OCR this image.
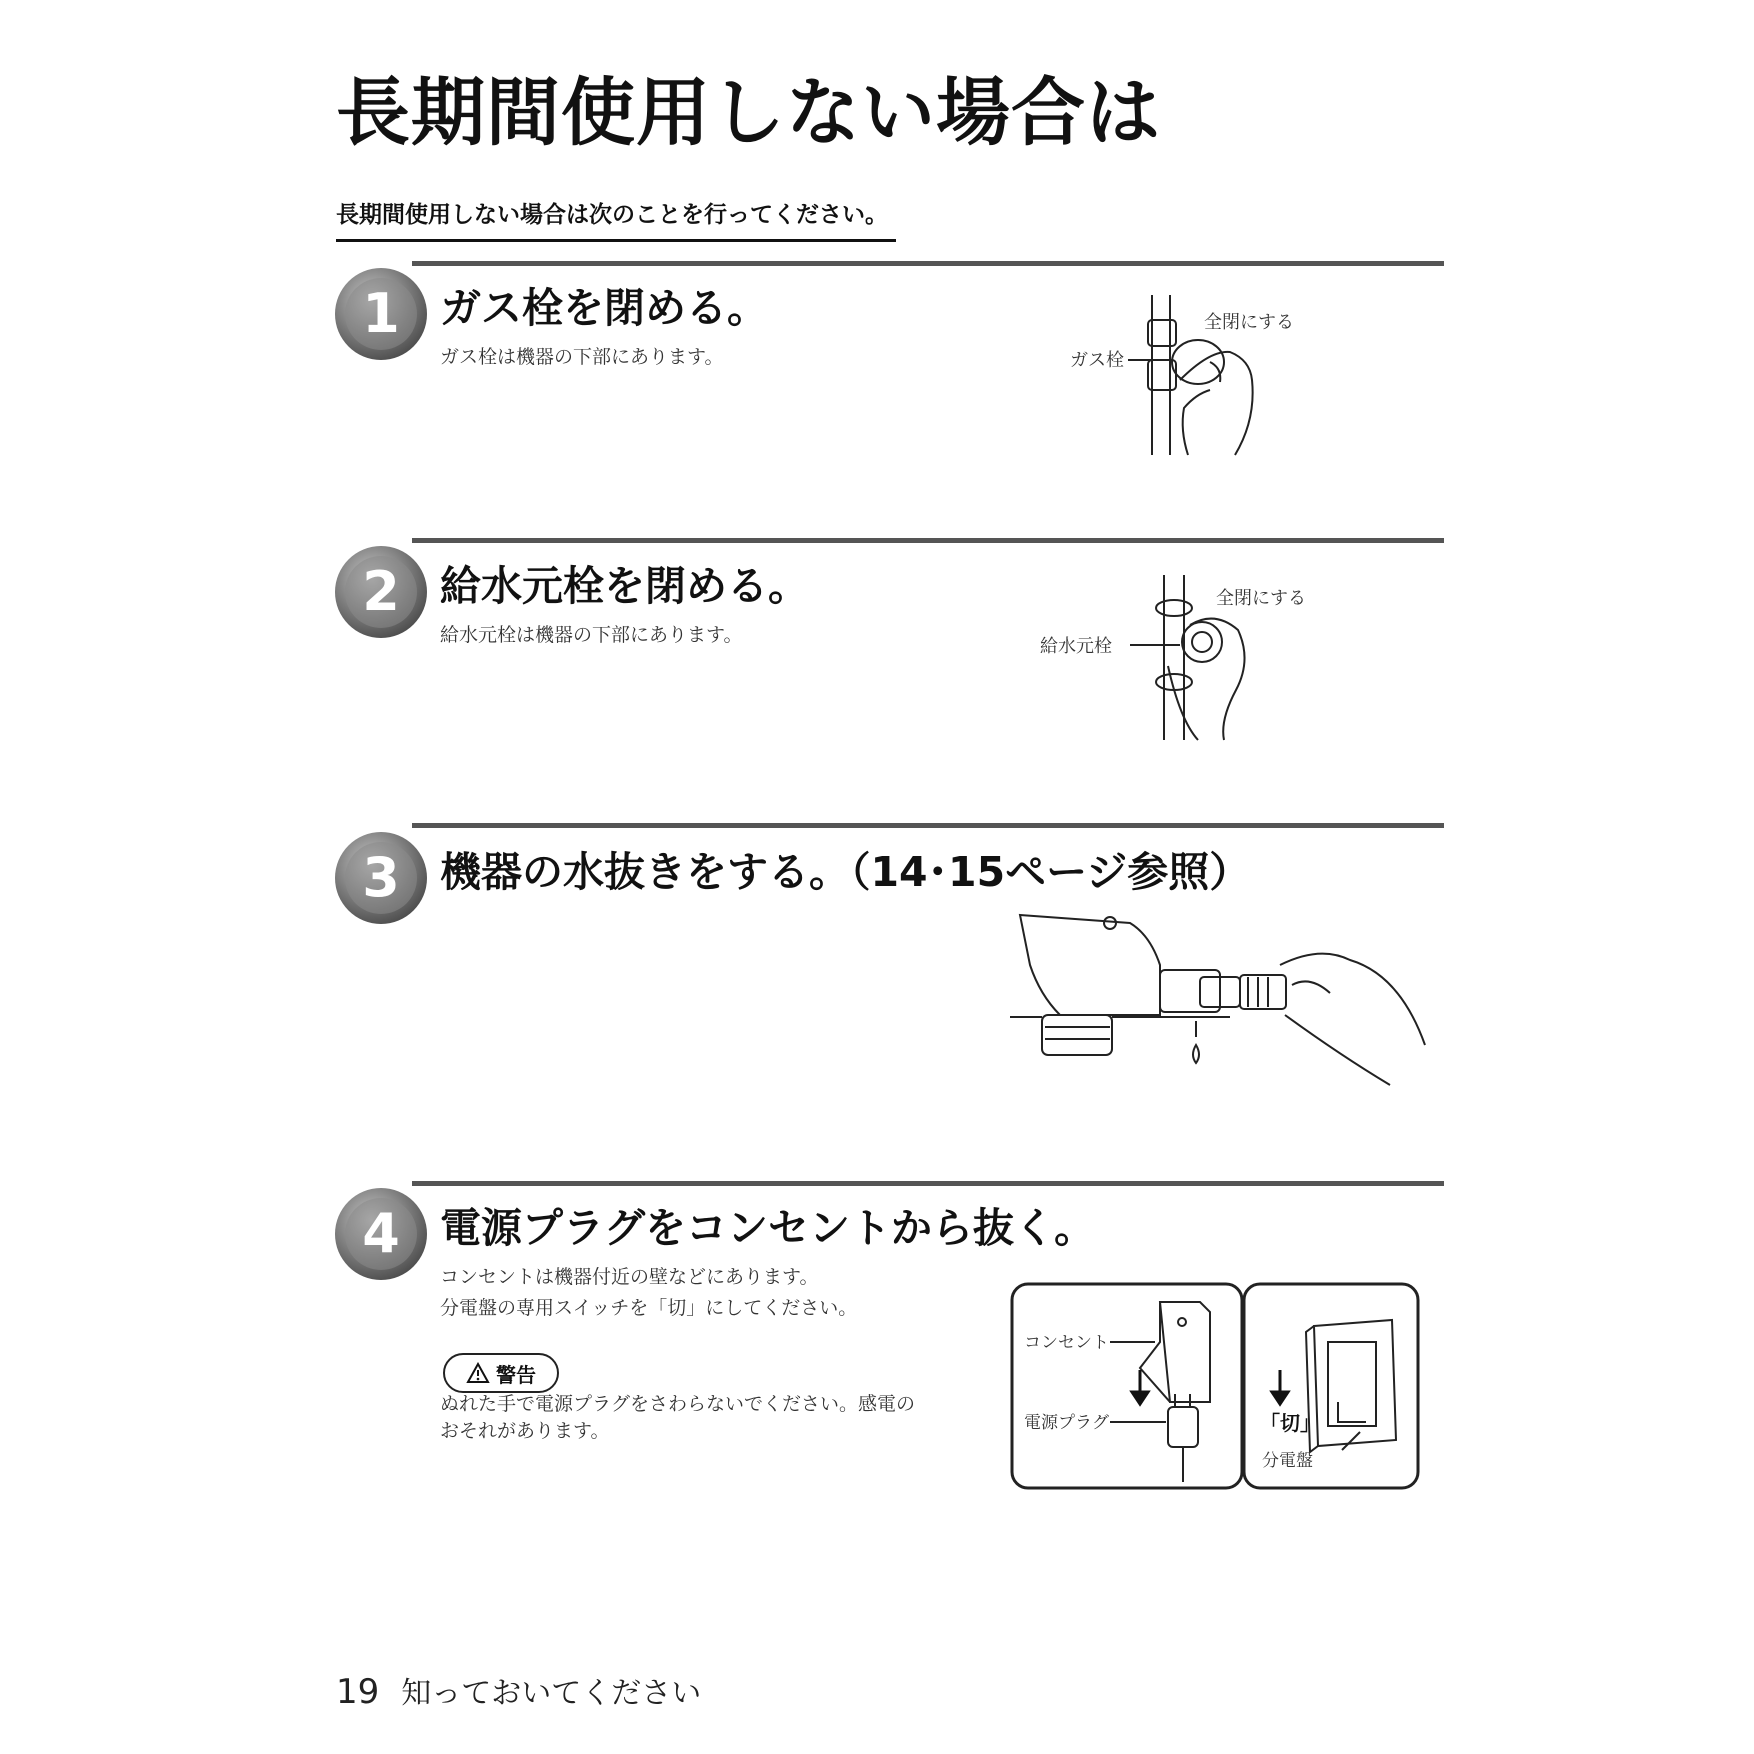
長期間使用しない場合は
長期間使用しない場合は次のことを行ってください。
1 ガス栓を閉める。
ガス栓は機器の下部にあります。
全閉にする
ガス栓
2 給水元栓を閉める。
給水元栓は機器の下部にあります。
全閉にする
給水元栓
3 機器の水抜きをする。（14･15ページ参照）
4 電源プラグをコンセントから抜く。
コンセントは機器付近の壁などにあります。
分電盤の専用スイッチを「切」にしてください。
警告
ぬれた手で電源プラグをさわらないでください。感電の
おそれがあります。
コンセント
電源プラグ	「切」
分電盤
19 知っておいてください
